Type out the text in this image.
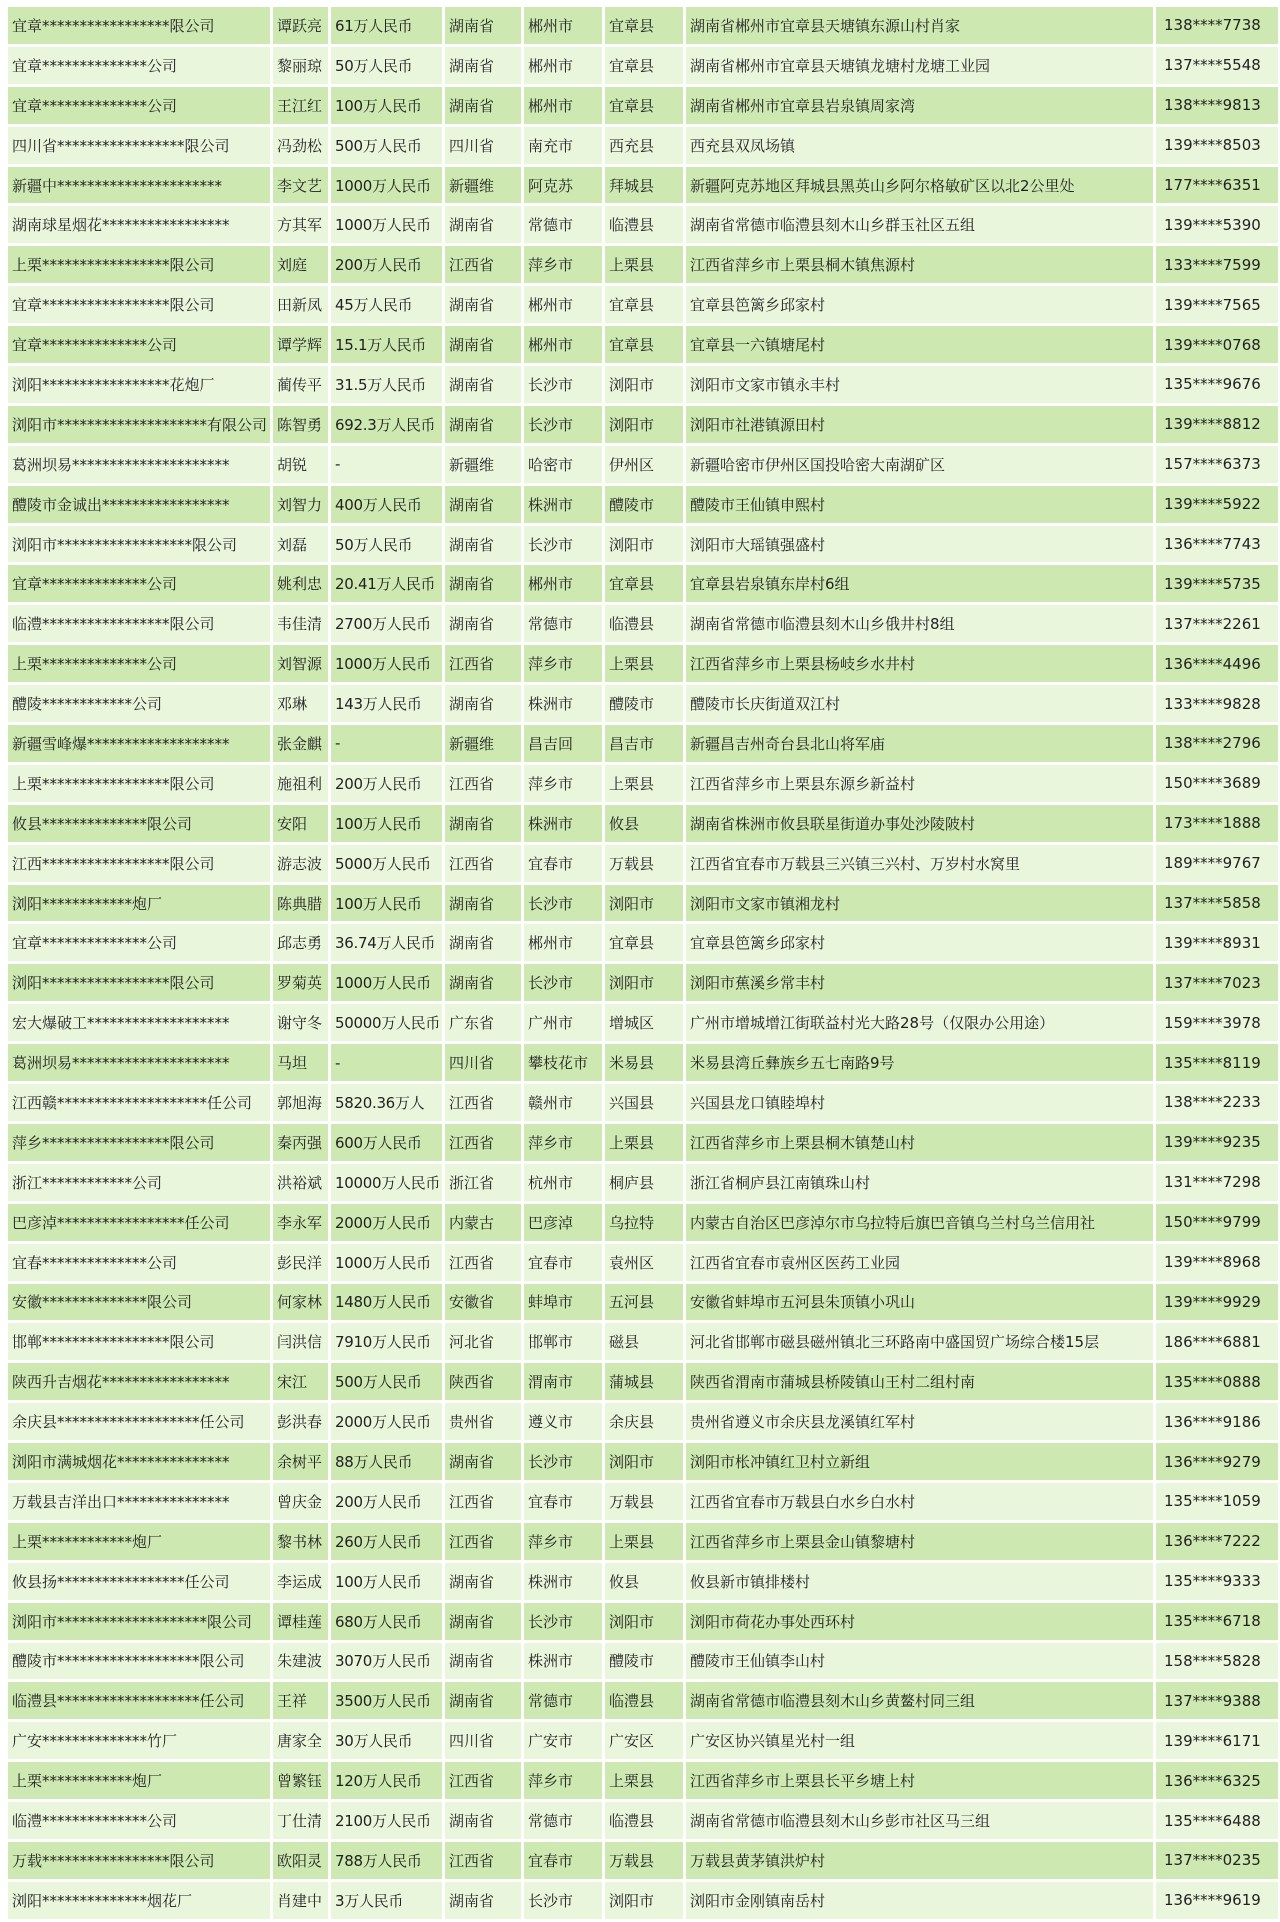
宜章*****************限公司	谭跃亮	61万人民币	湖南省	郴州市	宜章县	湖南省郴州市宜章县天塘镇东源山村肖家	138****7738
宜章**************公司	黎丽琼	50万人民币	湖南省	郴州市	宜章县	湖南省郴州市宜章县天塘镇龙塘村龙塘工业园	137****5548
宜章**************公司	王江红	100万人民币	湖南省	郴州市	宜章县	湖南省郴州市宜章县岩泉镇周家湾	138****9813
四川省*****************限公司	冯劲松	500万人民币	四川省	南充市	西充县	西充县双凤场镇	139****8503
新疆中**********************	李文艺	1000万人民币	新疆维	阿克苏	拜城县	新疆阿克苏地区拜城县黑英山乡阿尔格敏矿区以北2公里处	177****6351
湖南球星烟花*****************	方其军	1000万人民币	湖南省	常德市	临澧县	湖南省常德市临澧县刻木山乡群玉社区五组	139****5390
上栗*****************限公司	刘庭	200万人民币	江西省	萍乡市	上栗县	江西省萍乡市上栗县桐木镇焦源村	133****7599
宜章*****************限公司	田新凤	45万人民币	湖南省	郴州市	宜章县	宜章县笆篱乡邱家村	139****7565
宜章**************公司	谭学辉	15.1万人民币	湖南省	郴州市	宜章县	宜章县一六镇塘尾村	139****0768
浏阳*****************花炮厂	蔺传平	31.5万人民币	湖南省	长沙市	浏阳市	浏阳市文家市镇永丰村	135****9676
浏阳市********************有限公司	陈智勇	692.3万人民币	湖南省	长沙市	浏阳市	浏阳市社港镇源田村	139****8812
葛洲坝易*********************	胡锐	-	新疆维	哈密市	伊州区	新疆哈密市伊州区国投哈密大南湖矿区	157****6373
醴陵市金诚出*****************	刘智力	400万人民币	湖南省	株洲市	醴陵市	醴陵市王仙镇申熙村	139****5922
浏阳市******************限公司	刘磊	50万人民币	湖南省	长沙市	浏阳市	浏阳市大瑶镇强盛村	136****7743
宜章**************公司	姚利忠	20.41万人民币	湖南省	郴州市	宜章县	宜章县岩泉镇东岸村6组	139****5735
临澧*****************限公司	韦佳清	2700万人民币	湖南省	常德市	临澧县	湖南省常德市临澧县刻木山乡俄井村8组	137****2261
上栗**************公司	刘智源	1000万人民币	江西省	萍乡市	上栗县	江西省萍乡市上栗县杨岐乡水井村	136****4496
醴陵************公司	邓琳	143万人民币	湖南省	株洲市	醴陵市	醴陵市长庆街道双江村	133****9828
新疆雪峰爆*******************	张金麒	-	新疆维	昌吉回	昌吉市	新疆昌吉州奇台县北山将军庙	138****2796
上栗*****************限公司	施祖利	200万人民币	江西省	萍乡市	上栗县	江西省萍乡市上栗县东源乡新益村	150****3689
攸县**************限公司	安阳	100万人民币	湖南省	株洲市	攸县	湖南省株洲市攸县联星街道办事处沙陵陂村	173****1888
江西*****************限公司	游志波	5000万人民币	江西省	宜春市	万载县	江西省宜春市万载县三兴镇三兴村、万岁村水窝里	189****9767
浏阳************炮厂	陈典腊	100万人民币	湖南省	长沙市	浏阳市	浏阳市文家市镇湘龙村	137****5858
宜章**************公司	邱志勇	36.74万人民币	湖南省	郴州市	宜章县	宜章县笆篱乡邱家村	139****8931
浏阳*****************限公司	罗菊英	1000万人民币	湖南省	长沙市	浏阳市	浏阳市蕉溪乡常丰村	137****7023
宏大爆破工*******************	谢守冬	50000万人民币	广东省	广州市	增城区	广州市增城增江街联益村光大路28号（仅限办公用途）	159****3978
葛洲坝易*********************	马坦	-	四川省	攀枝花市	米易县	米易县湾丘彝族乡五七南路9号	135****8119
江西赣********************任公司	郭旭海	5820.36万人	江西省	赣州市	兴国县	兴国县龙口镇睦埠村	138****2233
萍乡*****************限公司	秦丙强	600万人民币	江西省	萍乡市	上栗县	江西省萍乡市上栗县桐木镇楚山村	139****9235
浙江************公司	洪裕斌	10000万人民币	浙江省	杭州市	桐庐县	浙江省桐庐县江南镇珠山村	131****7298
巴彦淖*****************任公司	李永军	2000万人民币	内蒙古	巴彦淖	乌拉特	内蒙古自治区巴彦淖尔市乌拉特后旗巴音镇乌兰村乌兰信用社	150****9799
宜春**************公司	彭民洋	1000万人民币	江西省	宜春市	袁州区	江西省宜春市袁州区医药工业园	139****8968
安徽**************限公司	何家林	1480万人民币	安徽省	蚌埠市	五河县	安徽省蚌埠市五河县朱顶镇小巩山	139****9929
邯郸*****************限公司	闫洪信	7910万人民币	河北省	邯郸市	磁县	河北省邯郸市磁县磁州镇北三环路南中盛国贸广场综合楼15层	186****6881
陕西升吉烟花*****************	宋江	500万人民币	陕西省	渭南市	蒲城县	陕西省渭南市蒲城县桥陵镇山王村二组村南	135****0888
余庆县*******************任公司	彭洪春	2000万人民币	贵州省	遵义市	余庆县	贵州省遵义市余庆县龙溪镇红军村	136****9186
浏阳市满城烟花***************	余树平	88万人民币	湖南省	长沙市	浏阳市	浏阳市枨冲镇红卫村立新组	136****9279
万载县吉洋出口***************	曾庆金	200万人民币	江西省	宜春市	万载县	江西省宜春市万载县白水乡白水村	135****1059
上栗************炮厂	黎书林	260万人民币	江西省	萍乡市	上栗县	江西省萍乡市上栗县金山镇黎塘村	136****7222
攸县扬*****************任公司	李运成	100万人民币	湖南省	株洲市	攸县	攸县新市镇排楼村	135****9333
浏阳市********************限公司	谭桂莲	680万人民币	湖南省	长沙市	浏阳市	浏阳市荷花办事处西环村	135****6718
醴陵市*******************限公司	朱建波	3070万人民币	湖南省	株洲市	醴陵市	醴陵市王仙镇李山村	158****5828
临澧县*******************任公司	王祥	3500万人民币	湖南省	常德市	临澧县	湖南省常德市临澧县刻木山乡黄鳌村同三组	137****9388
广安**************竹厂	唐家全	30万人民币	四川省	广安市	广安区	广安区协兴镇星光村一组	139****6171
上栗************炮厂	曾繁钰	120万人民币	江西省	萍乡市	上栗县	江西省萍乡市上栗县长平乡塘上村	136****6325
临澧**************公司	丁仕清	2100万人民币	湖南省	常德市	临澧县	湖南省常德市临澧县刻木山乡彭市社区马三组	135****6488
万载*****************限公司	欧阳灵	788万人民币	江西省	宜春市	万载县	万载县黄茅镇洪炉村	137****0235
浏阳**************烟花厂	肖建中	3万人民币	湖南省	长沙市	浏阳市	浏阳市金刚镇南岳村	136****9619
